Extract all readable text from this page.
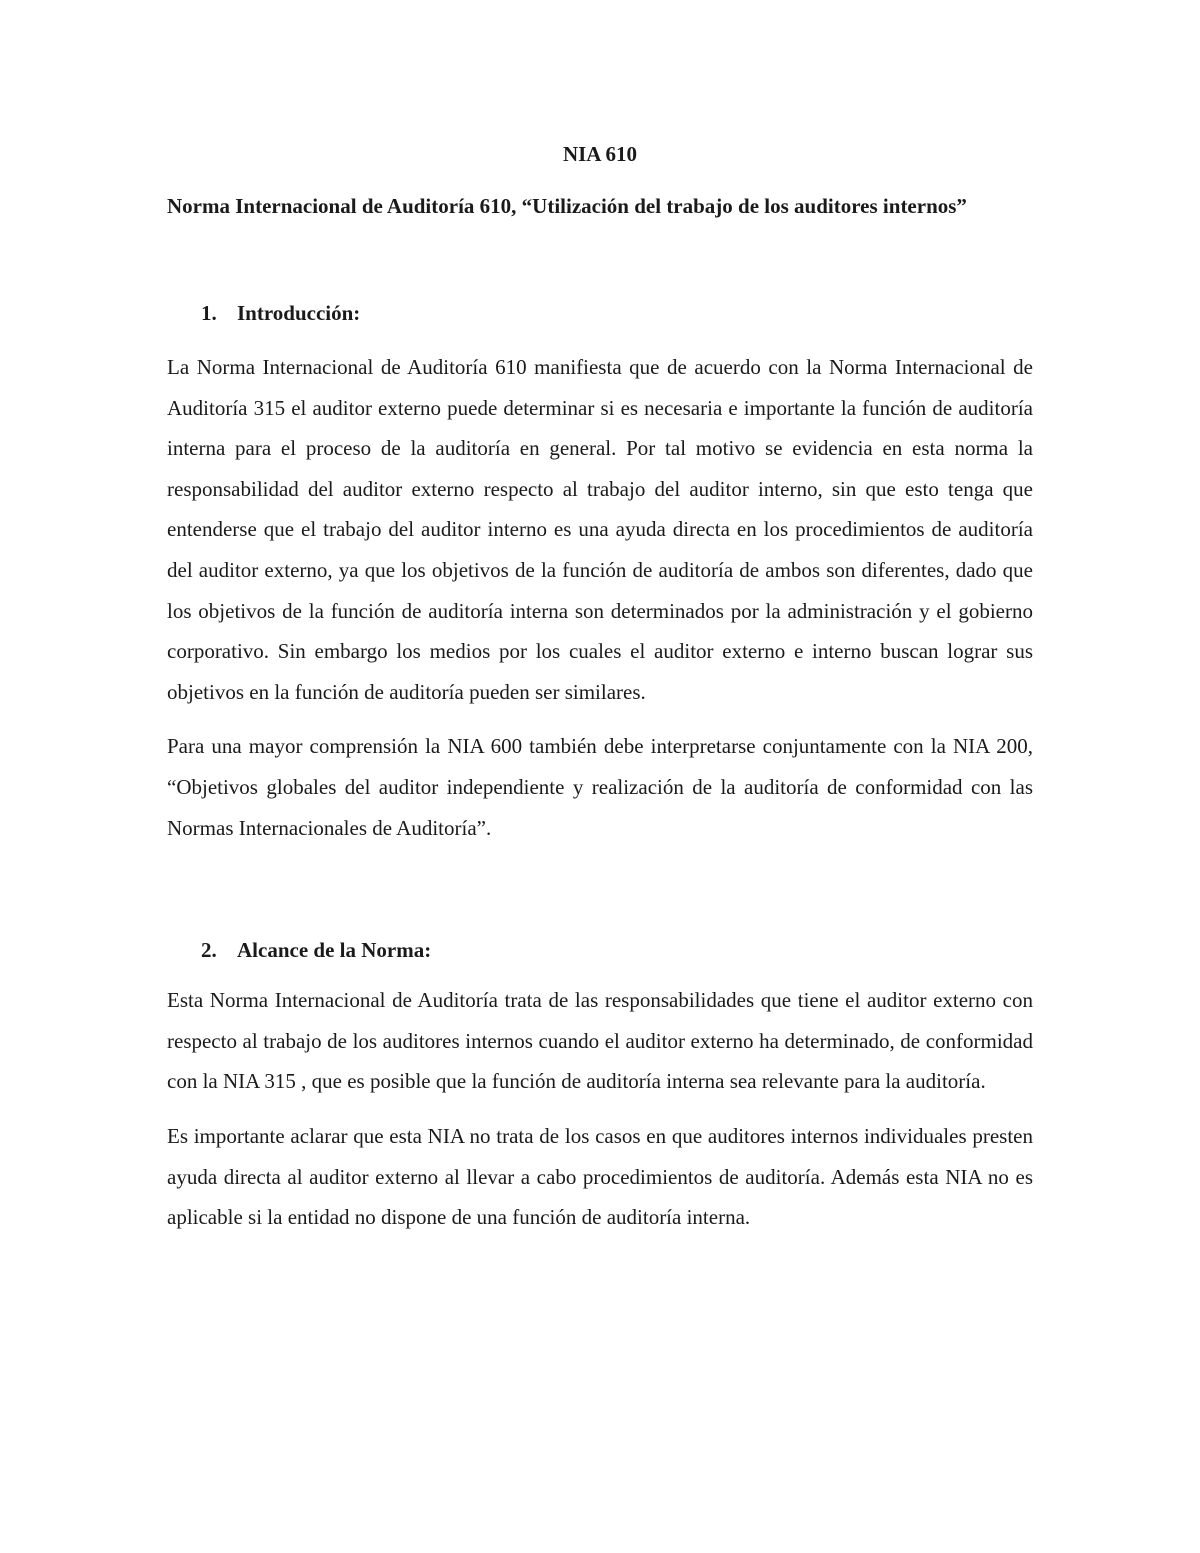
NIA 610

Norma Internacional de Auditoría 610, “Utilización del trabajo de los auditores internos”

1. Introducción:

La Norma Internacional de Auditoría 610 manifiesta que de acuerdo con la Norma Internacional de Auditoría 315 el auditor externo puede determinar si es necesaria e importante la función de auditoría interna para el proceso de la auditoría en general. Por tal motivo se evidencia en esta norma la responsabilidad del auditor externo respecto al trabajo del auditor interno, sin que esto tenga que entenderse que el trabajo del auditor interno es una ayuda directa en los procedimientos de auditoría del auditor externo, ya que los objetivos de la función de auditoría de ambos son diferentes, dado que los objetivos de la función de auditoría interna son determinados por la administración y el gobierno corporativo. Sin embargo los medios por los cuales el auditor externo e interno buscan lograr sus objetivos en la función de auditoría pueden ser similares.

Para una mayor comprensión la NIA 600 también debe interpretarse conjuntamente con la NIA 200, “Objetivos globales del auditor independiente y realización de la auditoría de conformidad con las Normas Internacionales de Auditoría”.

2. Alcance de la Norma:

Esta Norma Internacional de Auditoría trata de las responsabilidades que tiene el auditor externo con respecto al trabajo de los auditores internos cuando el auditor externo ha determinado, de conformidad con la NIA 315 , que es posible que la función de auditoría interna sea relevante para la auditoría.

Es importante aclarar que esta NIA no trata de los casos en que auditores internos individuales presten ayuda directa al auditor externo al llevar a cabo procedimientos de auditoría. Además esta NIA no es aplicable si la entidad no dispone de una función de auditoría interna.
